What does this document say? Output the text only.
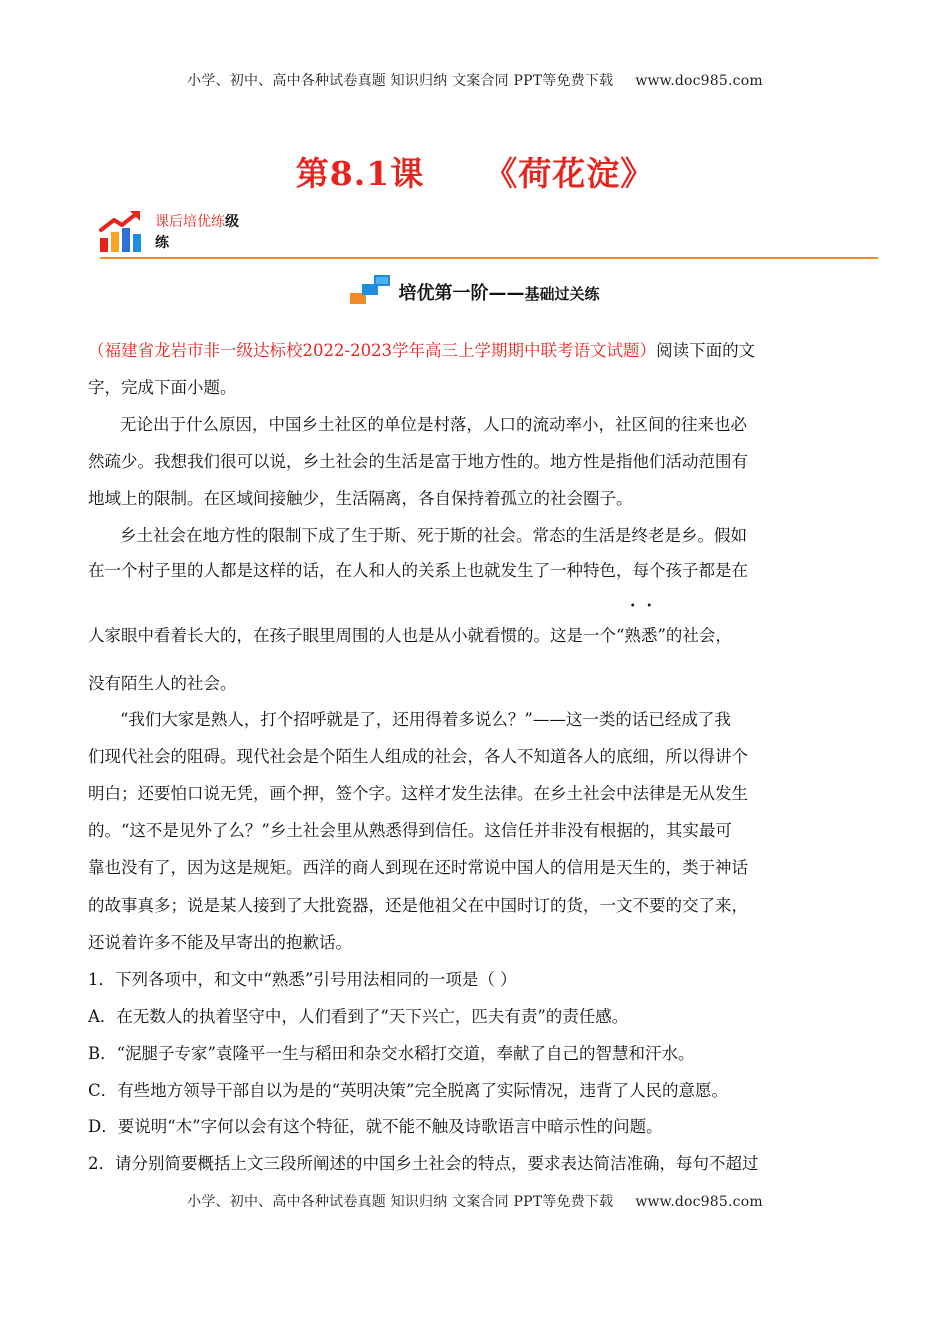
小学、初中、高中各种试卷真题 知识归纳 文案合同 PPT等免费下载 www.doc985.com
第8.1课 《荷花淀》
课后培优练级
练
培优第一阶——基础过关练
（福建省龙岩市非一级达标校2022-2023学年高三上学期期中联考语文试题）阅读下面的文
字，完成下面小题。
无论出于什么原因，中国乡土社区的单位是村落，人口的流动率小，社区间的往来也必
然疏少。我想我们很可以说，乡土社会的生活是富于地方性的。地方性是指他们活动范围有
地域上的限制。在区域间接触少，生活隔离，各自保持着孤立的社会圈子。
乡土社会在地方性的限制下成了生于斯、死于斯的社会。常态的生活是终老是乡。假如
在一个村子里的人都是这样的话，在人和人的关系上也就发生了一种特色，每个孩子都是在
人家眼中看着长大的，在孩子眼里周围的人也是从小就看惯的。这是一个“熟悉”的社会，
没有陌生人的社会。
“我们大家是熟人，打个招呼就是了，还用得着多说么？”——这一类的话已经成了我
们现代社会的阻碍。现代社会是个陌生人组成的社会，各人不知道各人的底细，所以得讲个
明白；还要怕口说无凭，画个押，签个字。这样才发生法律。在乡土社会中法律是无从发生
的。“这不是见外了么？”乡土社会里从熟悉得到信任。这信任并非没有根据的，其实最可
靠也没有了，因为这是规矩。西洋的商人到现在还时常说中国人的信用是天生的，类于神话
的故事真多；说是某人接到了大批瓷器，还是他祖父在中国时订的货，一文不要的交了来，
还说着许多不能及早寄出的抱歉话。
1．下列各项中，和文中“熟悉”引号用法相同的一项是（ ）
A．在无数人的执着坚守中，人们看到了“天下兴亡，匹夫有责”的责任感。
B．“泥腿子专家”袁隆平一生与稻田和杂交水稻打交道，奉献了自己的智慧和汗水。
C．有些地方领导干部自以为是的“英明决策”完全脱离了实际情况，违背了人民的意愿。
D．要说明“木”字何以会有这个特征，就不能不触及诗歌语言中暗示性的问题。
2．请分别简要概括上文三段所阐述的中国乡土社会的特点，要求表达简洁准确，每句不超过
小学、初中、高中各种试卷真题 知识归纳 文案合同 PPT等免费下载 www.doc985.com
